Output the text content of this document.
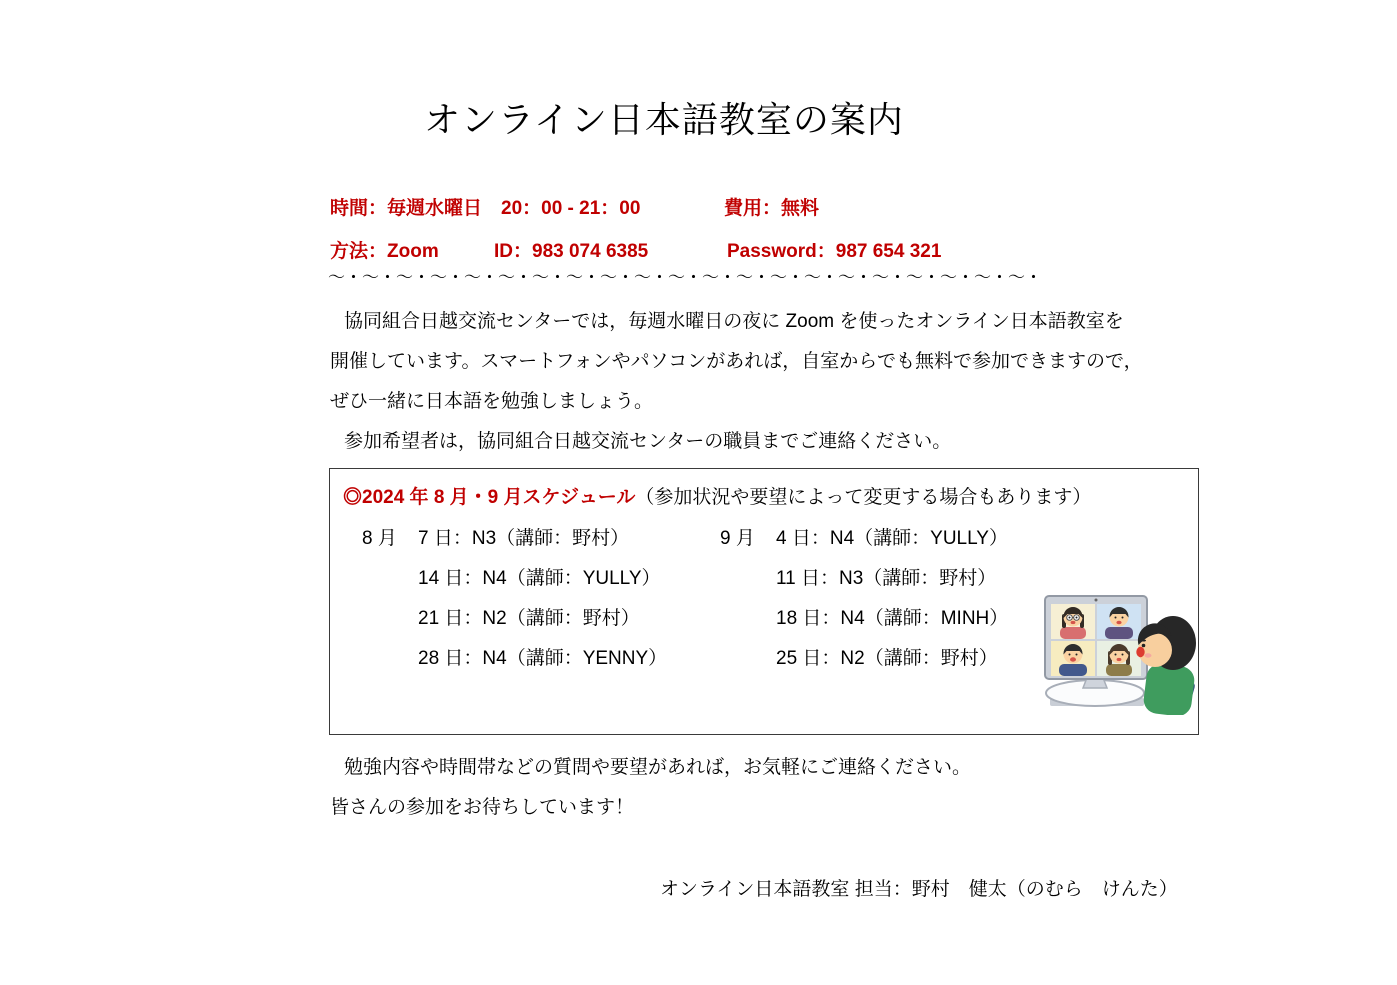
オンライン日本語教室の案内
時間：毎週水曜日　20：00 - 21：00	費用：無料
方法：Zoom	ID：983 074 6385	Password：987 654 321
～・～・～・～・～・～・～・～・～・～・～・～・～・～・～・～・～・～・～・～・～・
協同組合日越交流センターでは，毎週水曜日の夜に Zoom を使ったオンライン日本語教室を
開催しています。スマートフォンやパソコンがあれば，自室からでも無料で参加できますので，
ぜひ一緒に日本語を勉強しましょう。
参加希望者は，協同組合日越交流センターの職員までご連絡ください。
◎2024 年 8 月・9 月スケジュール（参加状況や要望によって変更する場合もあります）
8 月 7 日：N3（講師：野村）
14 日：N4（講師：YULLY）
21 日：N2（講師：野村）
28 日：N4（講師：YENNY）
9 月 4 日：N4（講師：YULLY）
11 日：N3（講師：野村）
18 日：N4（講師：MINH）
25 日：N2（講師：野村）
勉強内容や時間帯などの質問や要望があれば，お気軽にご連絡ください。
皆さんの参加をお待ちしています！
オンライン日本語教室 担当：野村　健太（のむら　けんた）
